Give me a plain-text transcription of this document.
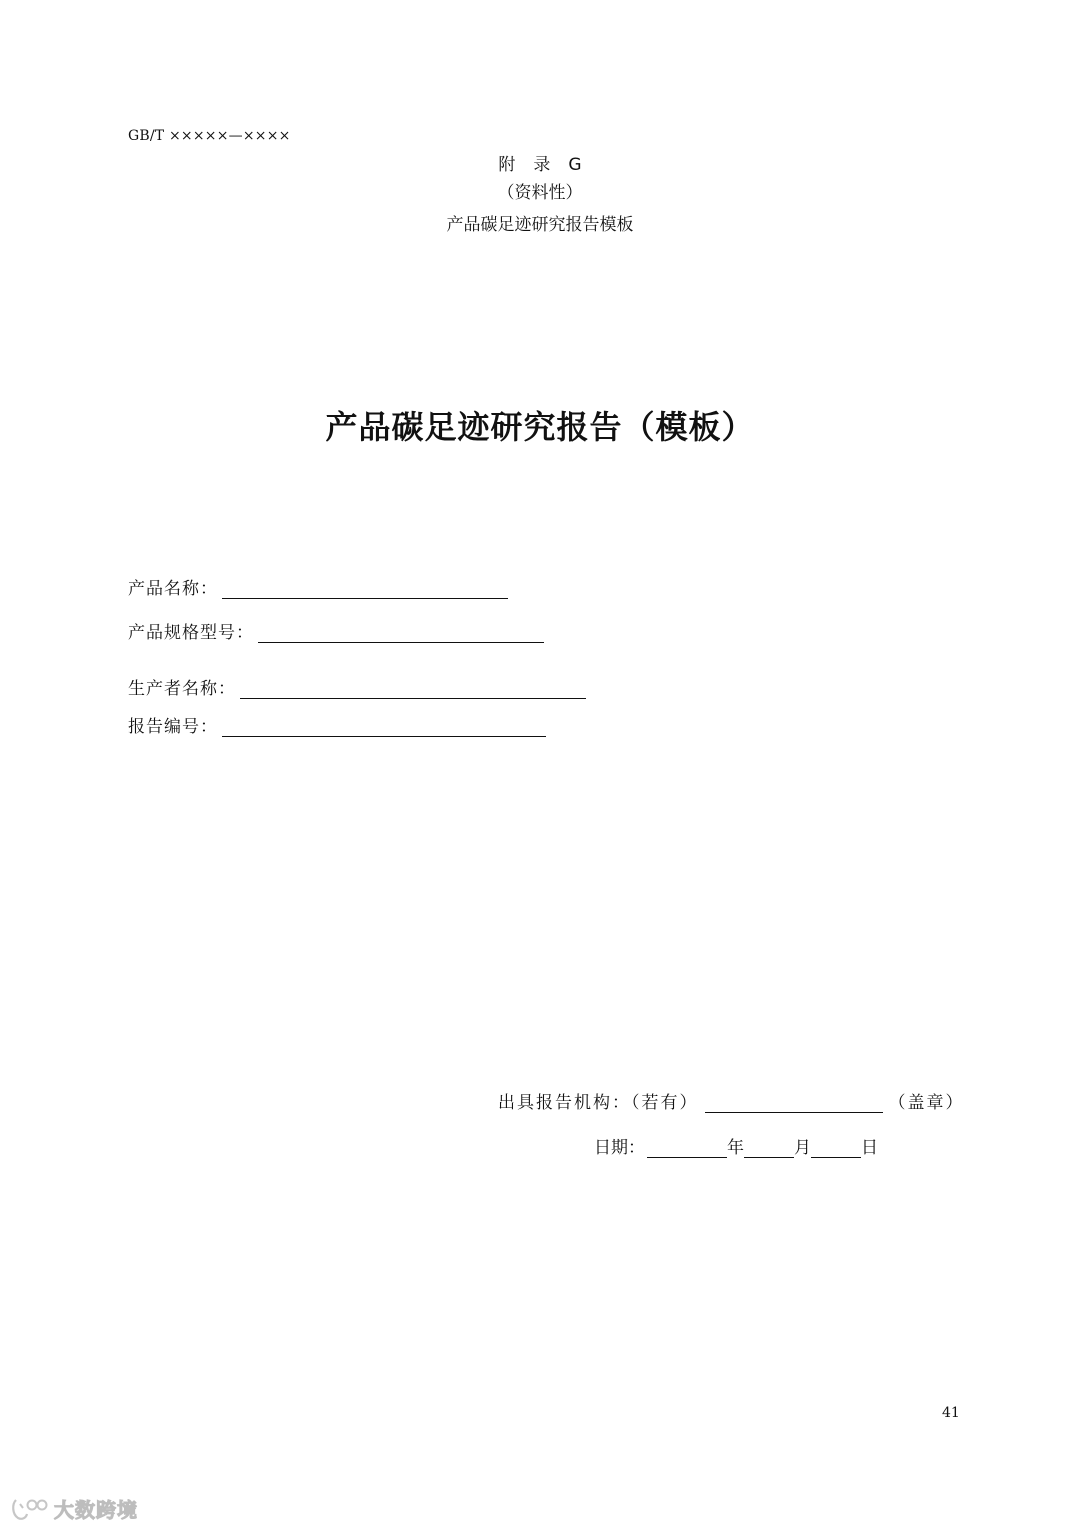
GB/T ×××××—××××
附 录 G
（资料性）
产品碳足迹研究报告模板
产品碳足迹研究报告（模板）
产品名称：
产品规格型号：
生产者名称：
报告编号：
出具报告机构：（若有）	（盖章）
日期：	年	月	日
41
大数跨境
